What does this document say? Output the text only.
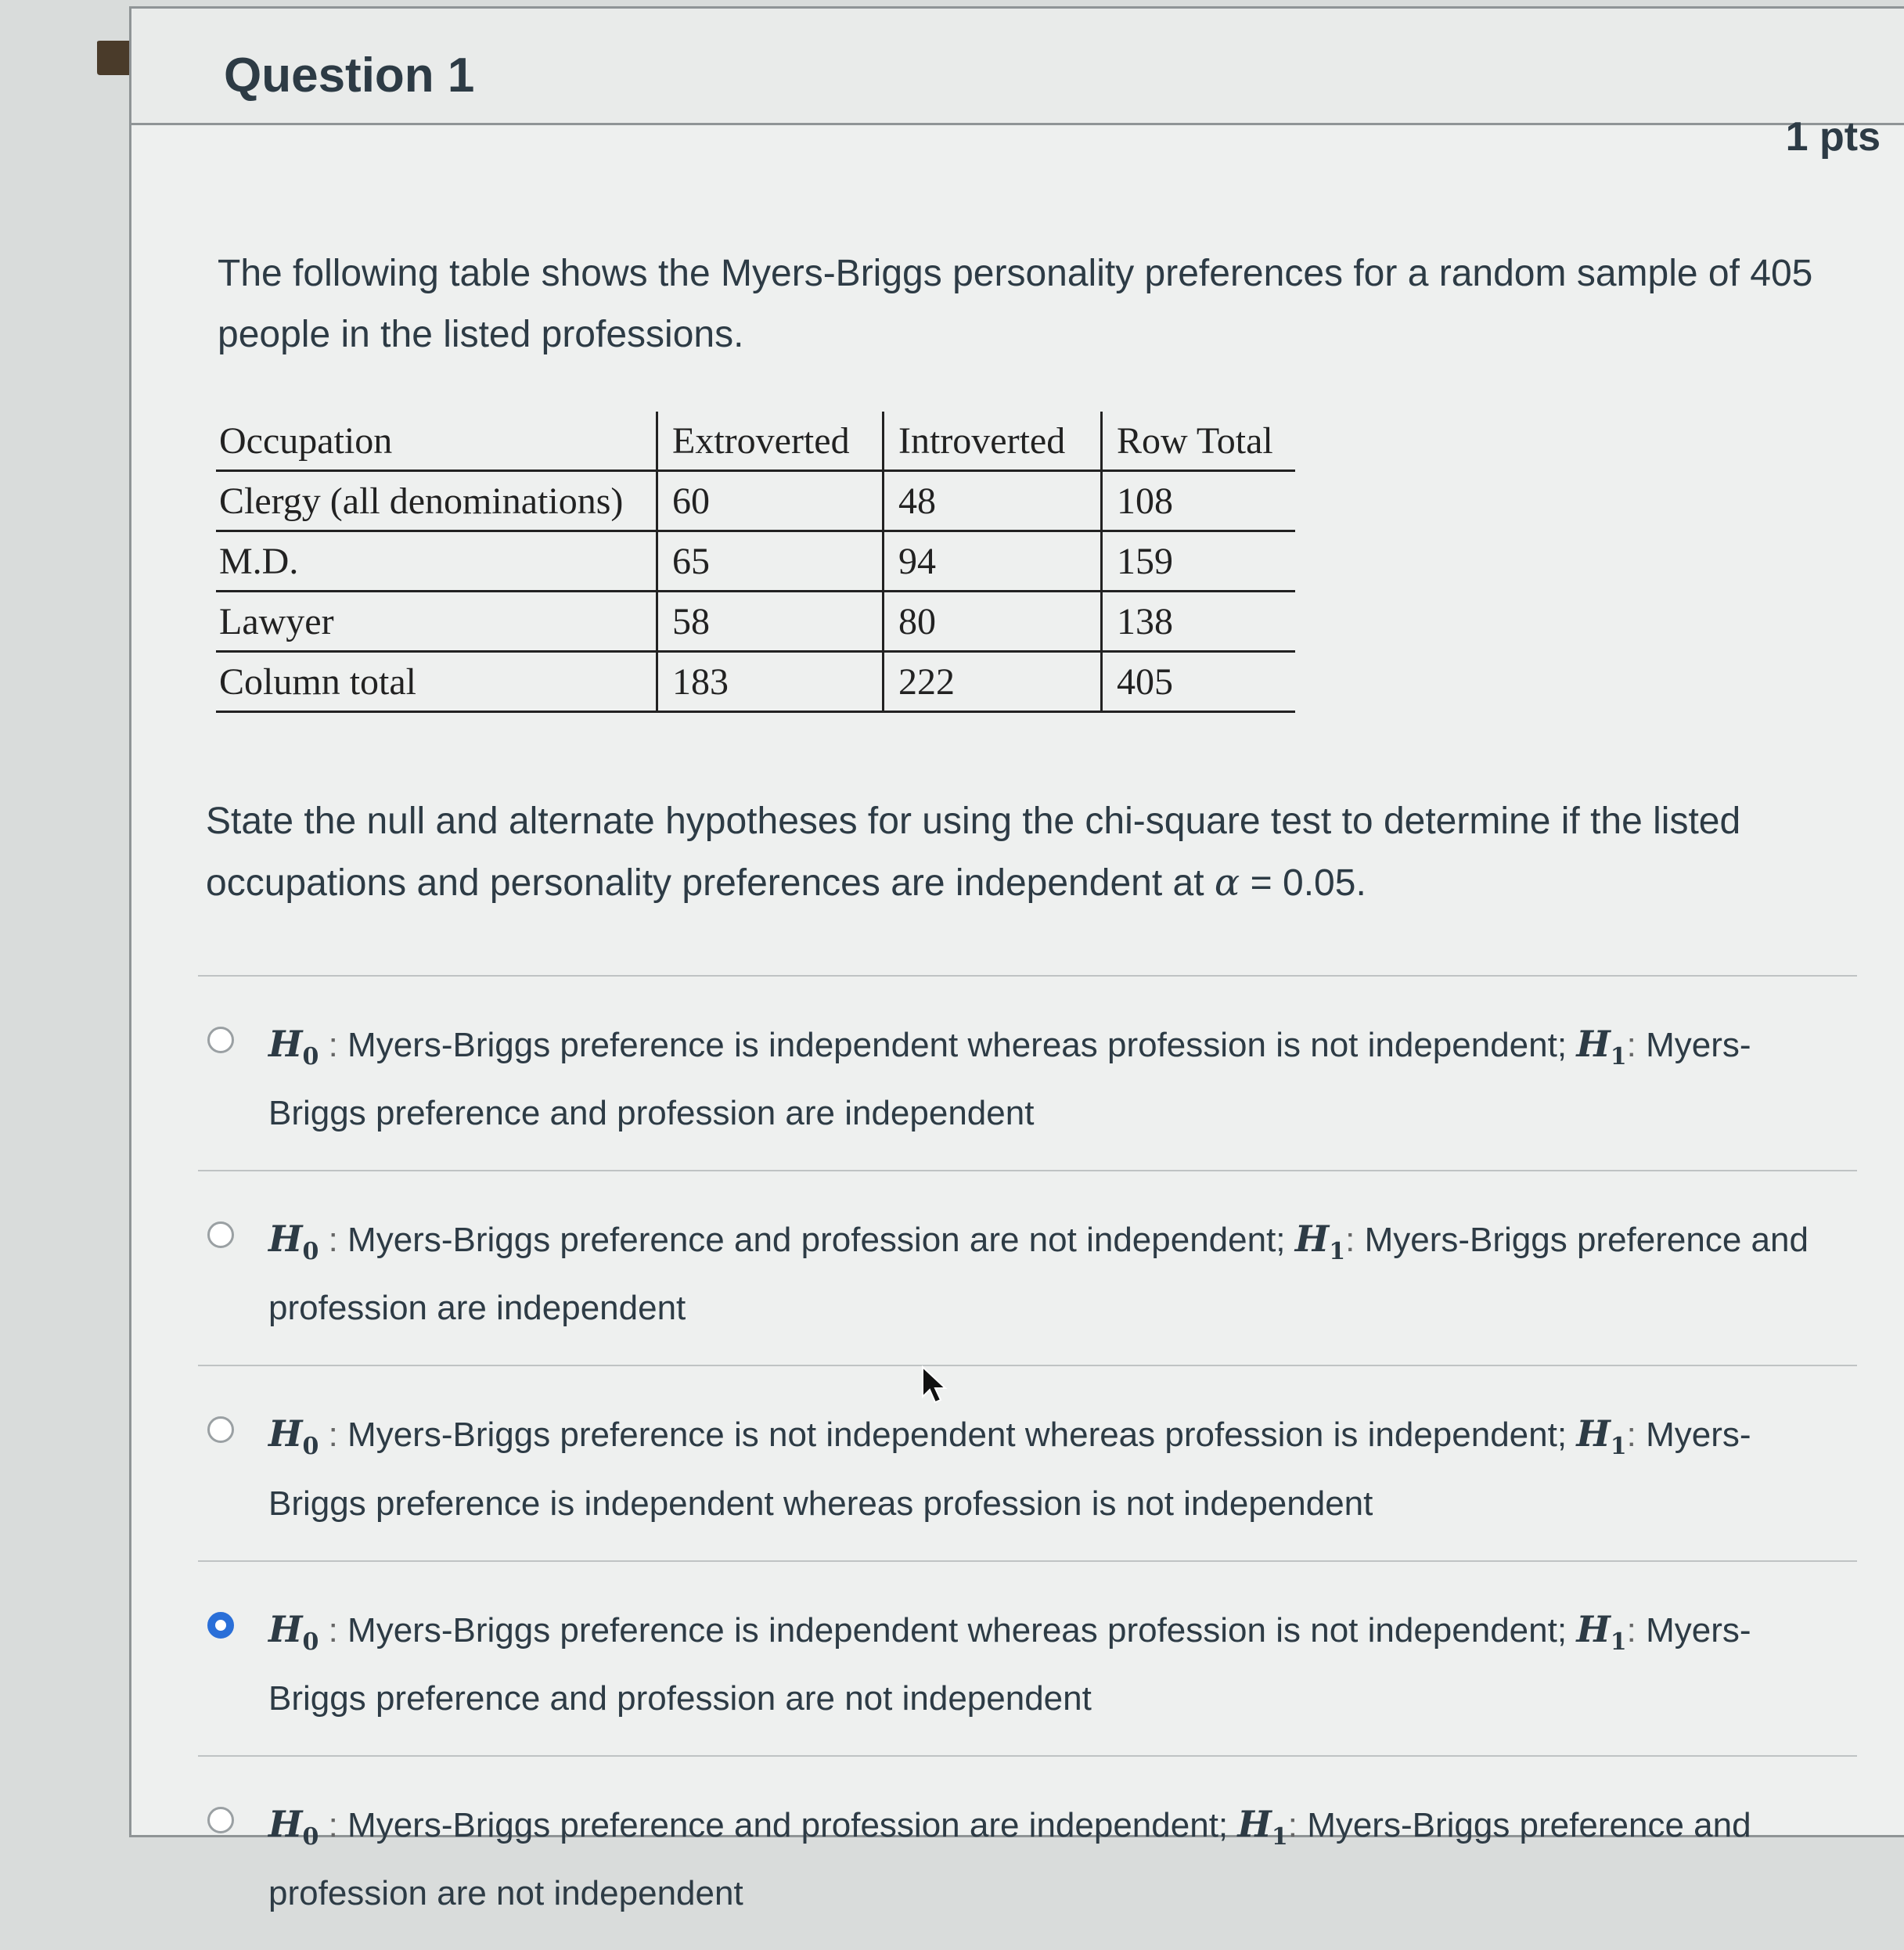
Question 1
1 pts
The following table shows the Myers-Briggs personality preferences for a random sample of 405 people in the listed professions.
Occupation	Extroverted	Introverted	Row Total
Clergy (all denominations)	60	48	108
M.D.	65	94	159
Lawyer	58	80	138
Column total	183	222	405
State the null and alternate hypotheses for using the chi-square test to determine if the listed occupations and personality preferences are independent at α = 0.05.
$H_0$ : Myers-Briggs preference is independent whereas profession is not independent; $H_1$: Myers-Briggs preference and profession are independent
$H_0$ : Myers-Briggs preference and profession are not independent; $H_1$: Myers-Briggs preference and profession are independent
$H_0$ : Myers-Briggs preference is not independent whereas profession is independent; $H_1$: Myers-Briggs preference is independent whereas profession is not independent
$H_0$ : Myers-Briggs preference is independent whereas profession is not independent; $H_1$: Myers-Briggs preference and profession are not independent
$H_0$ : Myers-Briggs preference and profession are independent; $H_1$: Myers-Briggs preference and profession are not independent
